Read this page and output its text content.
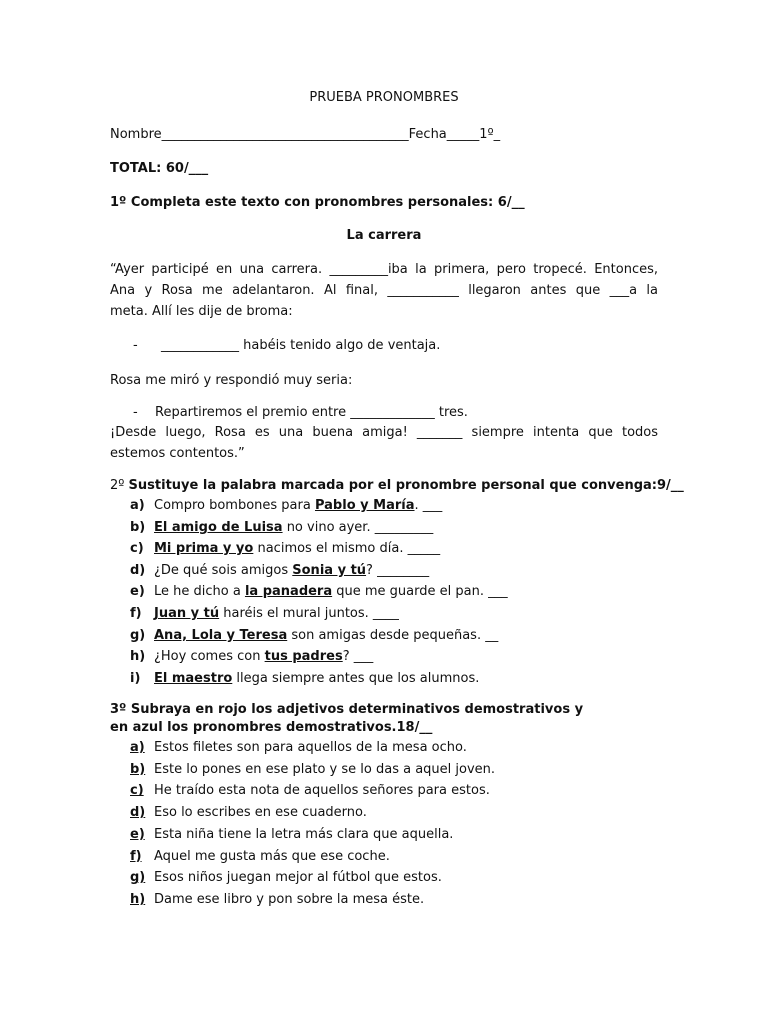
PRUEBA PRONOMBRES
Nombre______________________________________Fecha_____1º_
TOTAL: 60/___
1º Completa este texto con pronombres personales: 6/__
La carrera
“Ayer participé en una carrera. _________iba la primera, pero tropecé. Entonces,
Ana y Rosa me adelantaron. Al final, ___________ llegaron antes que ___a la
meta. Allí les dije de broma:
- ____________ habéis tenido algo de ventaja.
Rosa me miró y respondió muy seria:
- Repartiremos el premio entre _____________ tres.
¡Desde luego, Rosa es una buena amiga! _______ siempre intenta que todos
estemos contentos.”
2º Sustituye la palabra marcada por el pronombre personal que convenga:9/__
a) Compro bombones para Pablo y María. ___
b) El amigo de Luisa no vino ayer. _________
c) Mi prima y yo nacimos el mismo día. _____
d) ¿De qué sois amigos Sonia y tú? ________
e) Le he dicho a la panadera que me guarde el pan. ___
f) Juan y tú haréis el mural juntos. ____
g) Ana, Lola y Teresa son amigas desde pequeñas. __
h) ¿Hoy comes con tus padres? ___
i) El maestro llega siempre antes que los alumnos.
3º Subraya en rojo los adjetivos determinativos demostrativos y
en azul los pronombres demostrativos.18/__
a) Estos filetes son para aquellos de la mesa ocho.
b) Este lo pones en ese plato y se lo das a aquel joven.
c) He traído esta nota de aquellos señores para estos.
d) Eso lo escribes en ese cuaderno.
e) Esta niña tiene la letra más clara que aquella.
f) Aquel me gusta más que ese coche.
g) Esos niños juegan mejor al fútbol que estos.
h) Dame ese libro y pon sobre la mesa éste.
